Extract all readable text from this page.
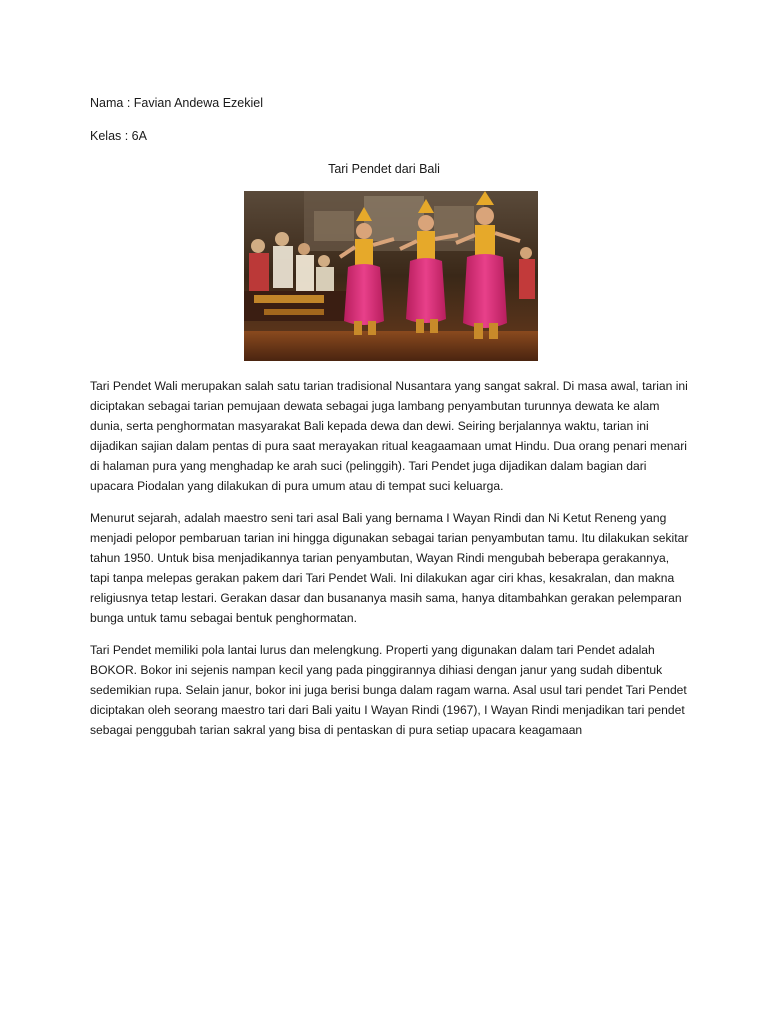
Nama : Favian Andewa Ezekiel
Kelas : 6A
Tari Pendet dari Bali

Tari Pendet Wali merupakan salah satu tarian tradisional Nusantara yang sangat sakral. Di masa awal, tarian ini diciptakan sebagai tarian pemujaan dewata sebagai juga lambang penyambutan turunnya dewata ke alam dunia, serta penghormatan masyarakat Bali kepada dewa dan dewi. Seiring berjalannya waktu, tarian ini dijadikan sajian dalam pentas di pura saat merayakan ritual keagaamaan umat Hindu. Dua orang penari menari di halaman pura yang menghadap ke arah suci (pelinggih). Tari Pendet juga dijadikan dalam bagian dari upacara Piodalan yang dilakukan di pura umum atau di tempat suci keluarga.

Menurut sejarah, adalah maestro seni tari asal Bali yang bernama I Wayan Rindi dan Ni Ketut Reneng yang menjadi pelopor pembaruan tarian ini hingga digunakan sebagai tarian penyambutan tamu. Itu dilakukan sekitar tahun 1950. Untuk bisa menjadikannya tarian penyambutan, Wayan Rindi mengubah beberapa gerakannya, tapi tanpa melepas gerakan pakem dari Tari Pendet Wali. Ini dilakukan agar ciri khas, kesakralan, dan makna religiusnya tetap lestari. Gerakan dasar dan busananya masih sama, hanya ditambahkan gerakan pelemparan bunga untuk tamu sebagai bentuk penghormatan.

Tari Pendet memiliki pola lantai lurus dan melengkung. Properti yang digunakan dalam tari Pendet adalah BOKOR. Bokor ini sejenis nampan kecil yang pada pinggirannya dihiasi dengan janur yang sudah dibentuk sedemikian rupa. Selain janur, bokor ini juga berisi bunga dalam ragam warna. Asal usul tari pendet Tari Pendet diciptakan oleh seorang maestro tari dari Bali yaitu I Wayan Rindi (1967), I Wayan Rindi menjadikan tari pendet sebagai penggubah tarian sakral yang bisa di pentaskan di pura setiap upacara keagamaan
